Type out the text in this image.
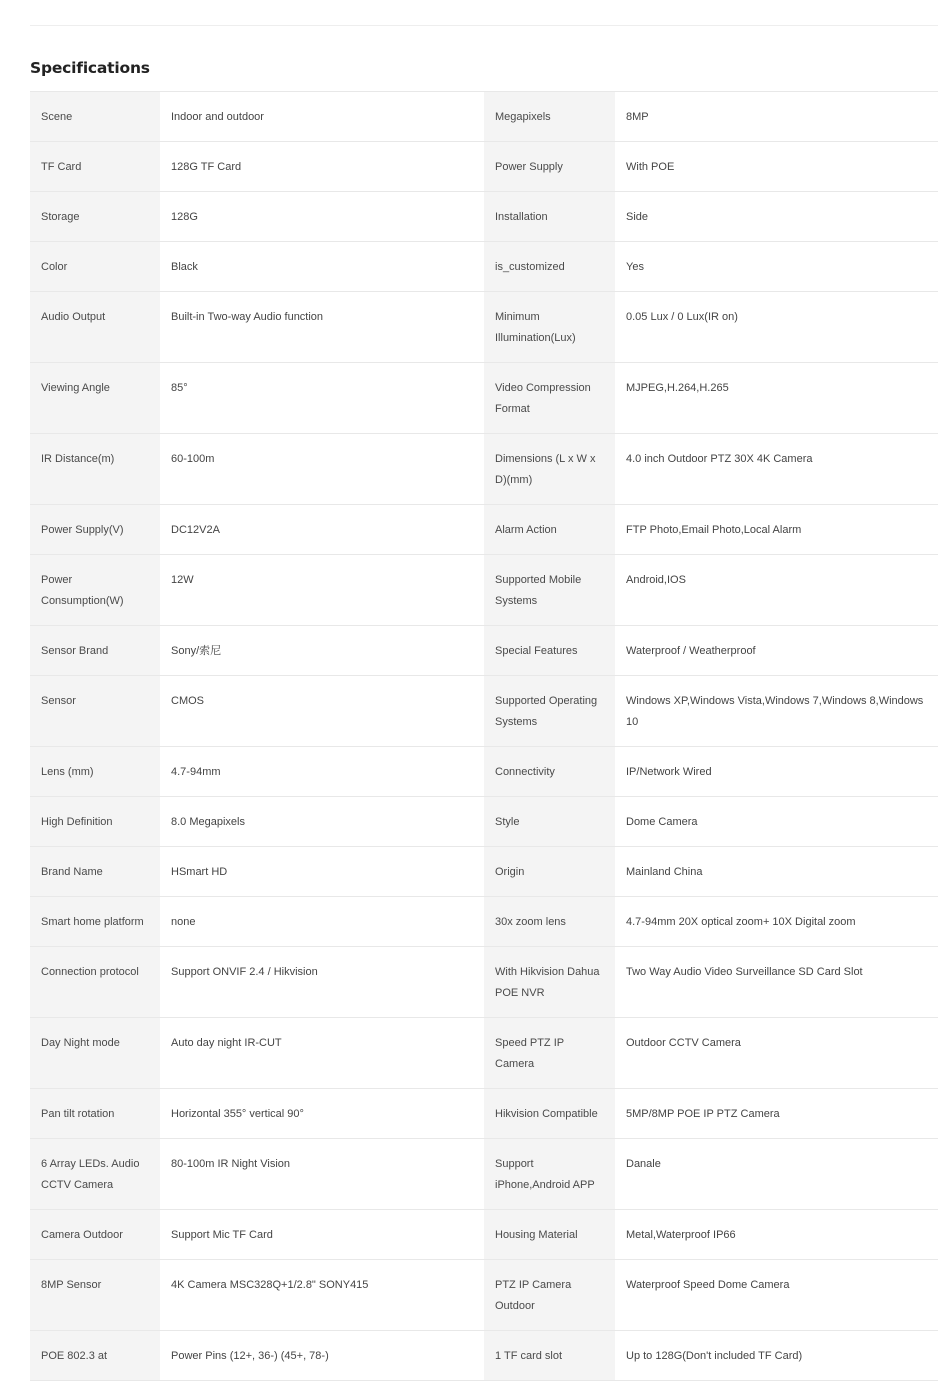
Specifications
Scene	Indoor and outdoor	Megapixels	8MP
TF Card	128G TF Card	Power Supply	With POE
Storage	128G	Installation	Side
Color	Black	is_customized	Yes
Audio Output	Built-in Two-way Audio function	Minimum Illumination(Lux)	0.05 Lux / 0 Lux(IR on)
Viewing Angle	85°	Video Compression Format	MJPEG,H.264,H.265
IR Distance(m)	60-100m	Dimensions (L x W x D)(mm)	4.0 inch Outdoor PTZ 30X 4K Camera
Power Supply(V)	DC12V2A	Alarm Action	FTP Photo,Email Photo,Local Alarm
Power Consumption(W)	12W	Supported Mobile Systems	Android,IOS
Sensor Brand	Sony/索尼	Special Features	Waterproof / Weatherproof
Sensor	CMOS	Supported Operating Systems	Windows XP,Windows Vista,Windows 7,Windows 8,Windows 10
Lens (mm)	4.7-94mm	Connectivity	IP/Network Wired
High Definition	8.0 Megapixels	Style	Dome Camera
Brand Name	HSmart HD	Origin	Mainland China
Smart home platform	none	30x zoom lens	4.7-94mm 20X optical zoom+ 10X Digital zoom
Connection protocol	Support ONVIF 2.4 / Hikvision	With Hikvision Dahua POE NVR	Two Way Audio Video Surveillance SD Card Slot
Day Night mode	Auto day night IR-CUT	Speed PTZ IP Camera	Outdoor CCTV Camera
Pan tilt rotation	Horizontal 355° vertical 90°	Hikvision Compatible	5MP/8MP POE IP PTZ Camera
6 Array LEDs. Audio CCTV Camera	80-100m IR Night Vision	Support iPhone,Android APP	Danale
Camera Outdoor	Support Mic TF Card	Housing Material	Metal,Waterproof IP66
8MP Sensor	4K Camera MSC328Q+1/2.8" SONY415	PTZ IP Camera Outdoor	Waterproof Speed Dome Camera
POE 802.3 at	Power Pins (12+, 36-) (45+, 78-)	1 TF card slot	Up to 128G(Don't included TF Card)
